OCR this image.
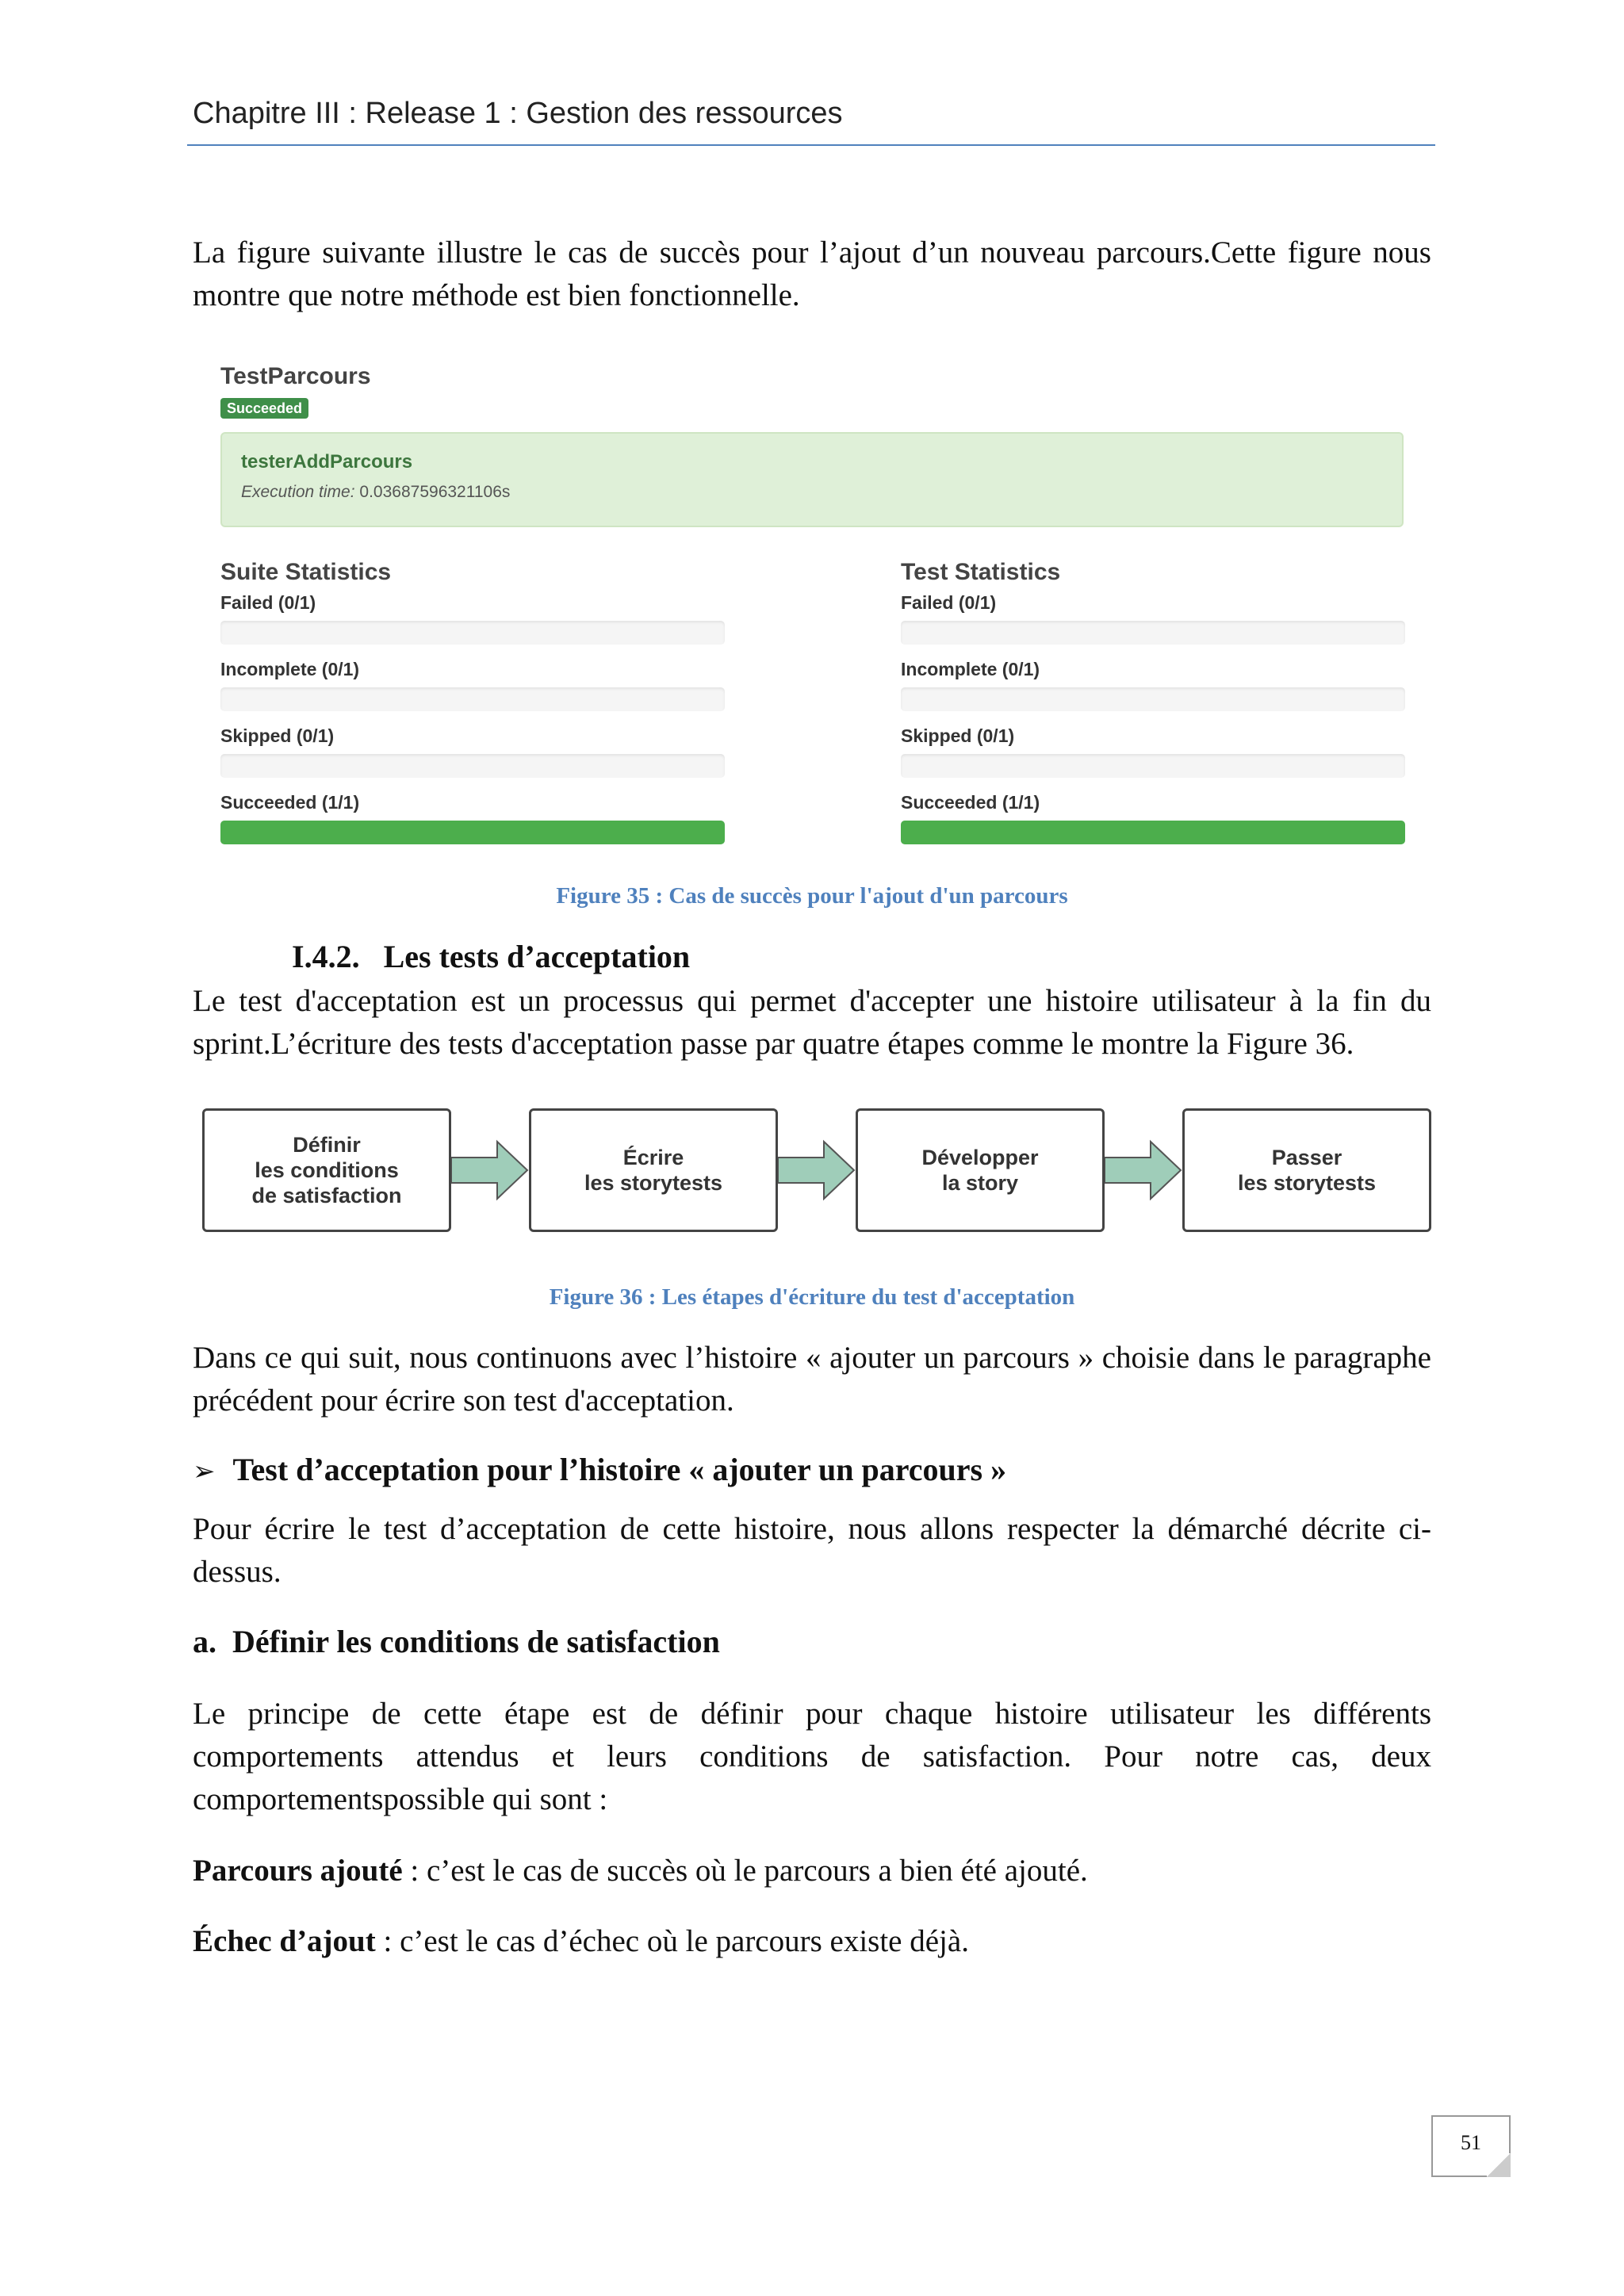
Chapitre III : Release 1 : Gestion des ressources

La figure suivante illustre le cas de succès pour l’ajout d’un nouveau parcours.Cette figure nous montre que notre méthode est bien fonctionnelle.

TestParcours
Succeeded
testerAddParcours
Execution time: 0.03687596321106s
Suite Statistics
Failed (0/1)
Incomplete (0/1)
Skipped (0/1)
Succeeded (1/1)
Test Statistics
Failed (0/1)
Incomplete (0/1)
Skipped (0/1)
Succeeded (1/1)
Figure 35 : Cas de succès pour l'ajout d'un parcours
I.4.2. Les tests d’acceptation

Le test d'acceptation est un processus qui permet d'accepter une histoire utilisateur à la fin du sprint.L’écriture des tests d'acceptation passe par quatre étapes comme le montre la Figure 36.

Définir
les conditions
de satisfaction
Écrire
les storytests
Développer
la story
Passer
les storytests
Figure 36 : Les étapes d'écriture du test d'acceptation

Dans ce qui suit, nous continuons avec l’histoire « ajouter un parcours » choisie dans le paragraphe précédent pour écrire son test d'acceptation.

➢ Test d’acceptation pour l’histoire « ajouter un parcours »

Pour écrire le test d’acceptation de cette histoire, nous allons respecter la démarché décrite ci-dessus.

a. Définir les conditions de satisfaction

Le principe de cette étape est de définir pour chaque histoire utilisateur les différents comportements attendus et leurs conditions de satisfaction. Pour notre cas, deux comportementspossible qui sont :

Parcours ajouté : c’est le cas de succès où le parcours a bien été ajouté.

Échec d’ajout : c’est le cas d’échec où le parcours existe déjà.

51
